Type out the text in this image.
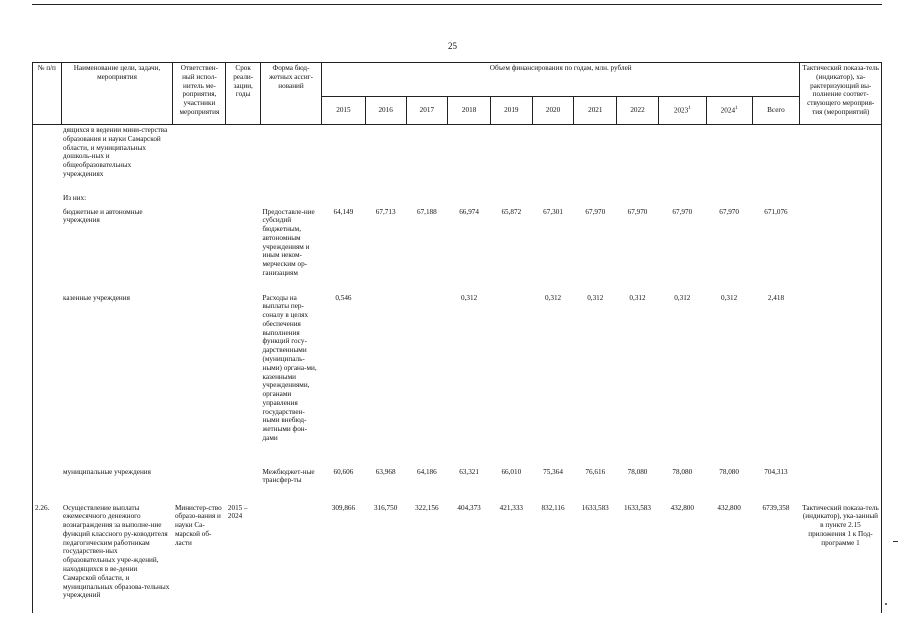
25
№ п/п	Наименование цели, задачи, мероприятия	Ответствен-ный испол-нитель ме-роприятия, участники мероприятия	Срок реали-зации, годы	Форма бюд-жетных ассиг-нований	Объем финансирования по годам, млн. рублей											Тактический показа-тель (индикатор), ха-рактеризующий вы-полнение соответ-ствующего мероприя-тия (мероприятий)
					2015	2016	2017	2018	2019	2020	2021	2022	2023$^1$	2024$^1$	Всего	
	дящихся в ведении мини-стерства образования и науки Самарской области, и муниципальных дошколь-ных и общеобразовательных учреждениях															
	Из них:															
	бюджетные и автономные учреждения			Предоставле-ние субсидий бюджетным, автономным учреждениям и иным неком-мерческим ор-ганизациям	64,149	67,713	67,188	66,974	65,872	67,301	67,970	67,970	67,970	67,970	671,076	
	казенные учреждения			Расходы на выплаты пер-соналу в целях обеспечения выполнения функций госу-дарственными (муниципаль-ными) органа-ми, казенными учреждениями, органами управления государствен-ными внебюд-жетными фон-дами	0,546			0,312		0,312	0,312	0,312	0,312	0,312	2,418	
	муниципальные учреждения			Межбюджет-ные трансфер-ты	60,606	63,968	64,186	63,321	66,010	75,364	76,616	78,080	78,080	78,080	704,313	
2.26.	Осуществление выплаты ежемесячного денежного вознаграждения за выполне-ние функций классного ру-ководителя педагогическим работникам государствен-ных образовательных учре-ждений, находящихся в ве-дении Самарской области, и муниципальных образова-тельных учреждений	Министер-ство образо-вания и науки Са-марской об-ласти	2015 – 2024		309,866	316,750	322,156	404,373	421,333	832,116	1633,583	1633,583	432,800	432,800	6739,358	Тактический показа-тель (индикатор), ука-занный в пункте 2.15 приложения 1 к Под-программе 1
